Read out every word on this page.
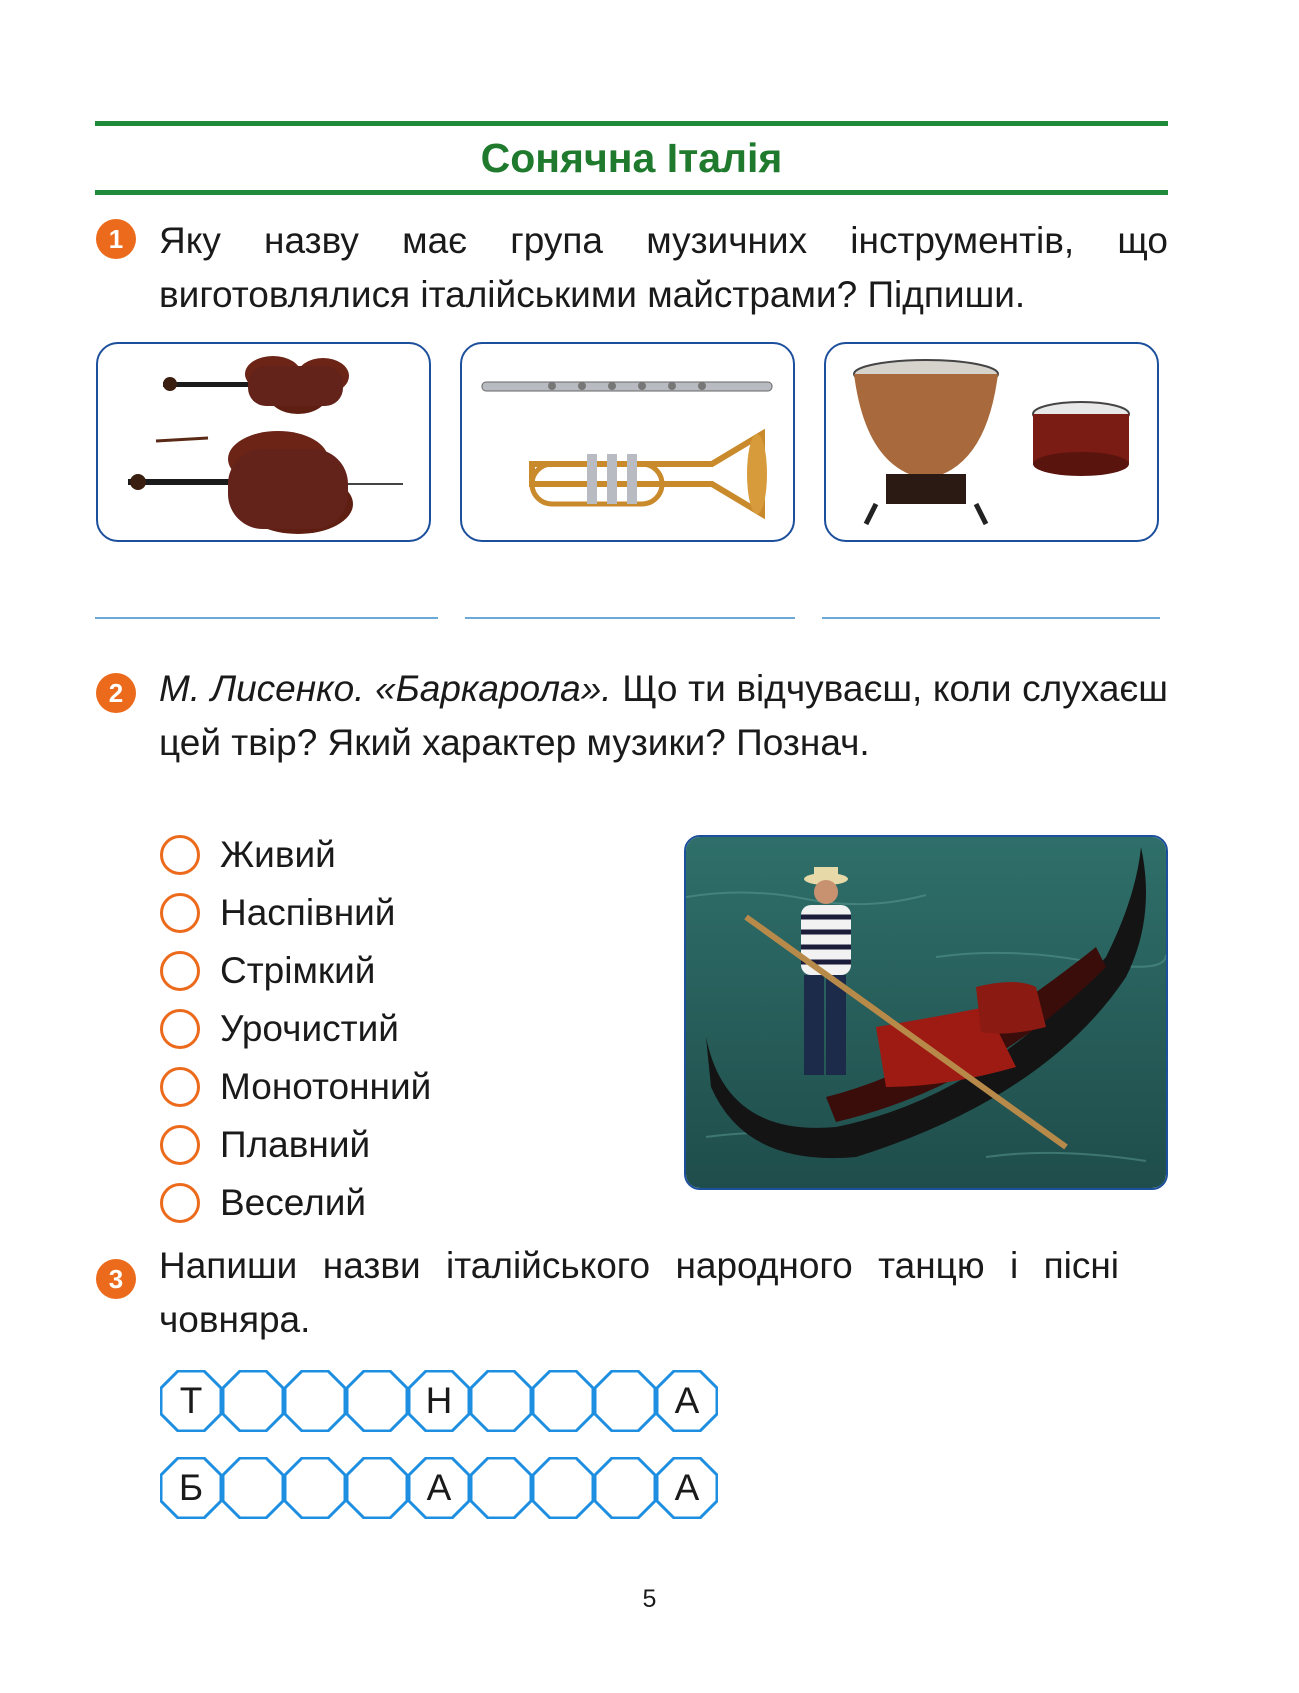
Сонячна Італія
1 Яку назву має група музичних інструментів, що виготовлялися італійськими майстрами? Підпиши.
2 М. Лисенко. «Баркарола». Що ти відчуваєш, коли слухаєш цей твір? Який характер музики? Познач.
Живий
Наспівний
Стрімкий
Урочистий
Монотонний
Плавний
Веселий
3 Напиши назви італійського народного танцю і пісні човняра.
Т	Н	А
Б	А	А
5
